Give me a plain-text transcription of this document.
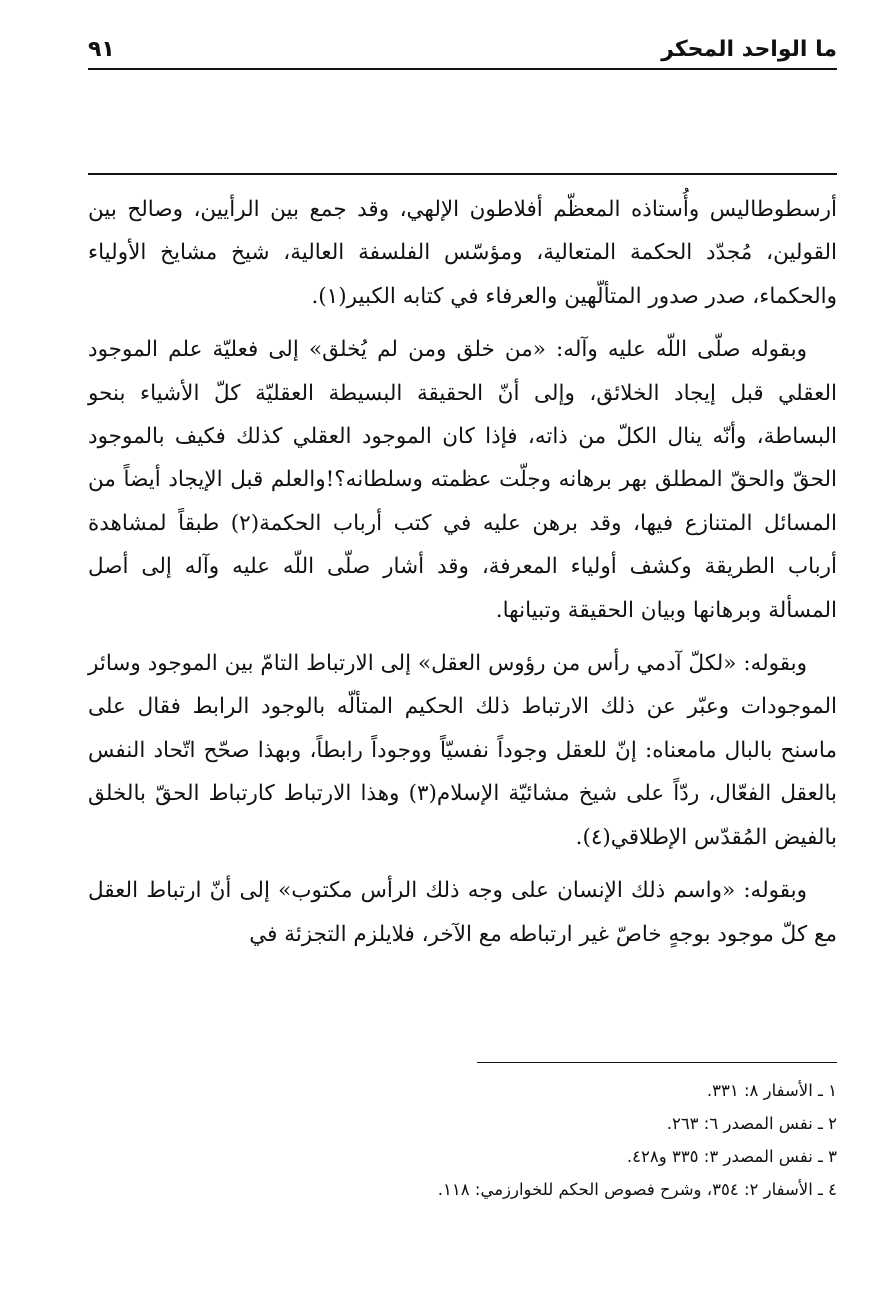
ما الواحد المحكر
٩١

أرسطوطاليس وأُستاذه المعظّم أفلاطون الإلهي، وقد جمع بين الرأيين، وصالح بين القولين، مُجدّد الحكمة المتعالية، ومؤسّس الفلسفة العالية، شيخ مشايخ الأولياء والحكماء، صدر صدور المتألّهين والعرفاء في كتابه الكبير(١).

وبقوله صلّى اللّه عليه وآله: «من خلق ومن لم يُخلق» إلى فعليّة علم الموجود العقلي قبل إيجاد الخلائق، وإلى أنّ الحقيقة البسيطة العقليّة كلّ الأشياء بنحو البساطة، وأنّه ينال الكلّ من ذاته، فإذا كان الموجود العقلي كذلك فكيف بالموجود الحقّ والحقّ المطلق بهر برهانه وجلّت عظمته وسلطانه؟!والعلم قبل الإيجاد أيضاً من المسائل المتنازع فيها، وقد برهن عليه في كتب أرباب الحكمة(٢) طبقاً لمشاهدة أرباب الطريقة وكشف أولياء المعرفة، وقد أشار صلّى اللّه عليه وآله إلى أصل المسألة وبرهانها وبيان الحقيقة وتبيانها.

وبقوله: «لكلّ آدمي رأس من رؤوس العقل» إلى الارتباط التامّ بين الموجود وسائر الموجودات وعبّر عن ذلك الارتباط ذلك الحكيم المتألّه بالوجود الرابط فقال على ماسنح بالبال مامعناه: إنّ للعقل وجوداً نفسيّاً ووجوداً رابطاً، وبهذا صحّح اتّحاد النفس بالعقل الفعّال، ردّاً على شيخ مشائيّة الإسلام(٣) وهذا الارتباط كارتباط الحقّ بالخلق بالفيض المُقدّس الإطلاقي(٤).

وبقوله: «واسم ذلك الإنسان على وجه ذلك الرأس مكتوب» إلى أنّ ارتباط العقل مع كلّ موجود بوجهٍ خاصّ غير ارتباطه مع الآخر، فلايلزم التجزئة في

١ ـ الأسفار ٨: ٣٣١.
٢ ـ نفس المصدر ٦: ٢٦٣.
٣ ـ نفس المصدر ٣: ٣٣٥ و٤٢٨.
٤ ـ الأسفار ٢: ٣٥٤، وشرح فصوص الحكم للخوارزمي: ١١٨.
